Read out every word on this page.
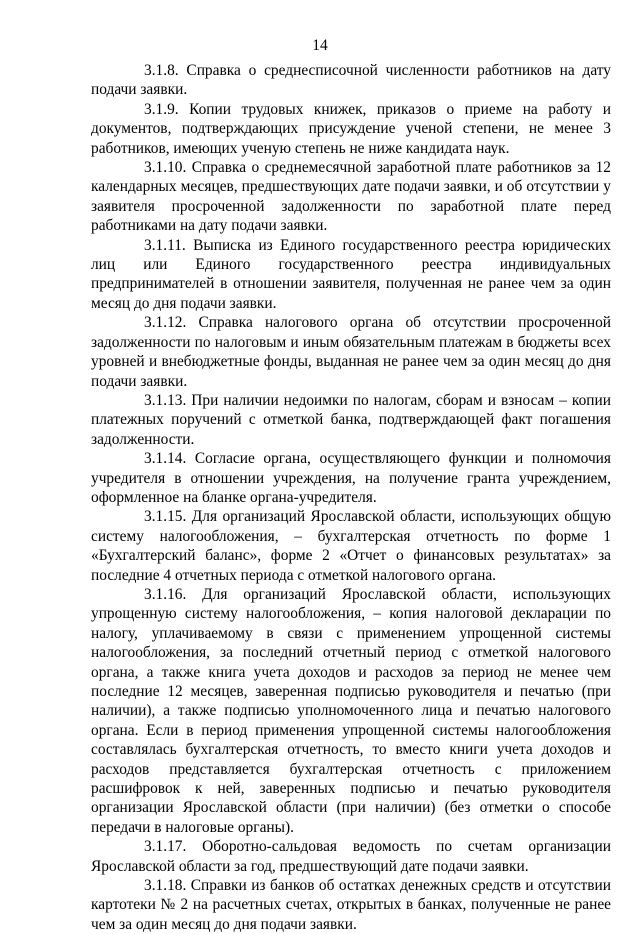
14

3.1.8. Справка о среднесписочной численности работников на дату подачи заявки.

3.1.9. Копии трудовых книжек, приказов о приеме на работу и документов, подтверждающих присуждение ученой степени, не менее 3 работников, имеющих ученую степень не ниже кандидата наук.

3.1.10. Справка о среднемесячной заработной плате работников за 12 календарных месяцев, предшествующих дате подачи заявки, и об отсутствии у заявителя просроченной задолженности по заработной плате перед работниками на дату подачи заявки.

3.1.11. Выписка из Единого государственного реестра юридических лиц или Единого государственного реестра индивидуальных предпринимателей в отношении заявителя, полученная не ранее чем за один месяц до дня подачи заявки.

3.1.12. Справка налогового органа об отсутствии просроченной задолженности по налоговым и иным обязательным платежам в бюджеты всех уровней и внебюджетные фонды, выданная не ранее чем за один месяц до дня подачи заявки.

3.1.13. При наличии недоимки по налогам, сборам и взносам – копии платежных поручений с отметкой банка, подтверждающей факт погашения задолженности.

3.1.14. Согласие органа, осуществляющего функции и полномочия учредителя в отношении учреждения, на получение гранта учреждением, оформленное на бланке органа-учредителя.

3.1.15. Для организаций Ярославской области, использующих общую систему налогообложения, – бухгалтерская отчетность по форме 1 «Бухгалтерский баланс», форме 2 «Отчет о финансовых результатах» за последние 4 отчетных периода с отметкой налогового органа.

3.1.16. Для организаций Ярославской области, использующих упрощенную систему налогообложения, – копия налоговой декларации по налогу, уплачиваемому в связи с применением упрощенной системы налогообложения, за последний отчетный период с отметкой налогового органа, а также книга учета доходов и расходов за период не менее чем последние 12 месяцев, заверенная подписью руководителя и печатью (при наличии), а также подписью уполномоченного лица и печатью налогового органа. Если в период применения упрощенной системы налогообложения составлялась бухгалтерская отчетность, то вместо книги учета доходов и расходов представляется бухгалтерская отчетность с приложением расшифровок к ней, заверенных подписью и печатью руководителя организации Ярославской области (при наличии) (без отметки о способе передачи в налоговые органы).

3.1.17. Оборотно-сальдовая ведомость по счетам организации Ярославской области за год, предшествующий дате подачи заявки.

3.1.18. Справки из банков об остатках денежных средств и отсутствии картотеки № 2 на расчетных счетах, открытых в банках, полученные не ранее чем за один месяц до дня подачи заявки.
